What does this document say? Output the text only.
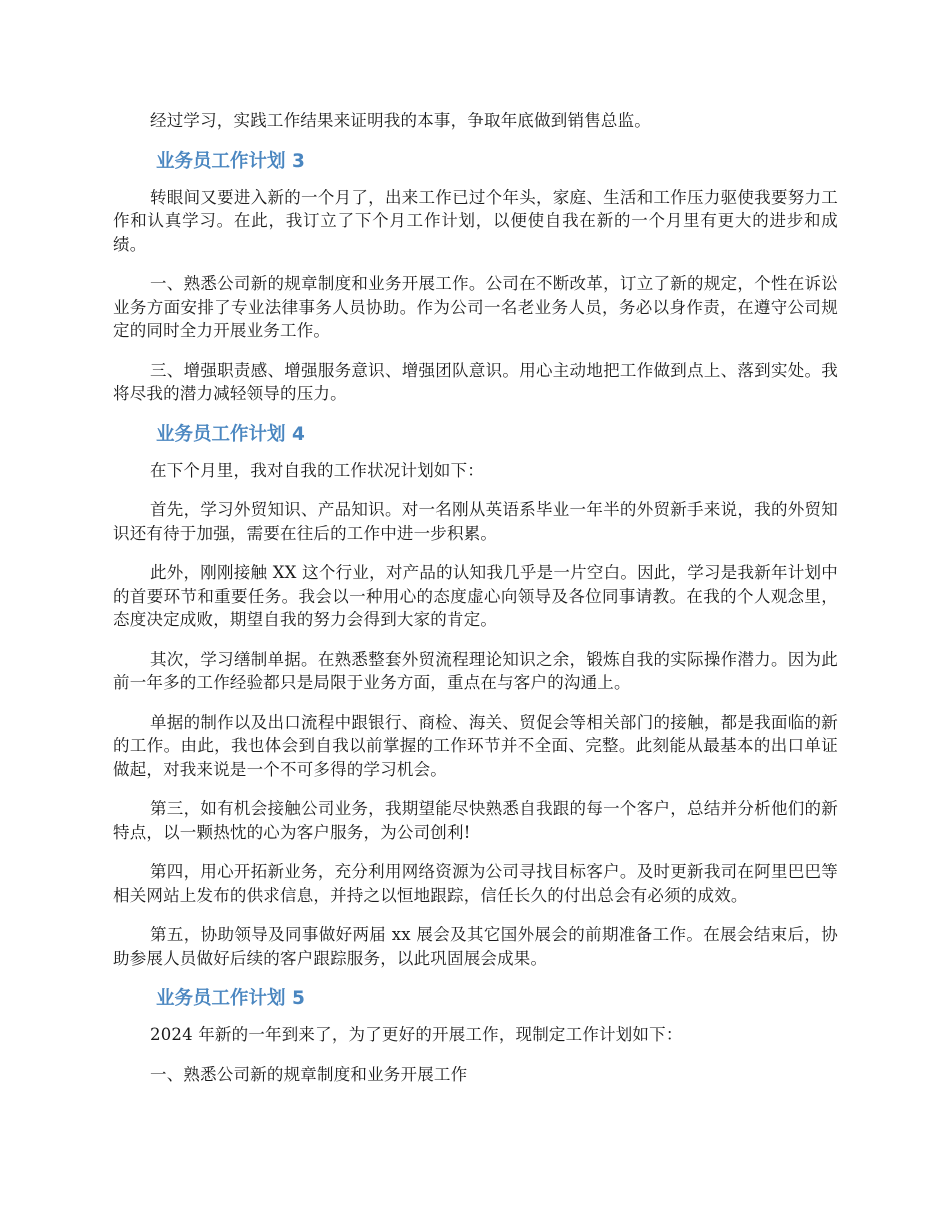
经过学习，实践工作结果来证明我的本事，争取年底做到销售总监。

业务员工作计划 3

转眼间又要进入新的一个月了，出来工作已过个年头，家庭、生活和工作压力驱使我要努力工作和认真学习。在此，我订立了下个月工作计划，以便使自我在新的一个月里有更大的进步和成绩。

一、熟悉公司新的规章制度和业务开展工作。公司在不断改革，订立了新的规定，个性在诉讼业务方面安排了专业法律事务人员协助。作为公司一名老业务人员，务必以身作责，在遵守公司规定的同时全力开展业务工作。

三、增强职责感、增强服务意识、增强团队意识。用心主动地把工作做到点上、落到实处。我将尽我的潜力减轻领导的压力。

业务员工作计划 4

在下个月里，我对自我的工作状况计划如下：

首先，学习外贸知识、产品知识。对一名刚从英语系毕业一年半的外贸新手来说，我的外贸知识还有待于加强，需要在往后的工作中进一步积累。

此外，刚刚接触 XX 这个行业，对产品的认知我几乎是一片空白。因此，学习是我新年计划中的首要环节和重要任务。我会以一种用心的态度虚心向领导及各位同事请教。在我的个人观念里，态度决定成败，期望自我的努力会得到大家的肯定。

其次，学习缮制单据。在熟悉整套外贸流程理论知识之余，锻炼自我的实际操作潜力。因为此前一年多的工作经验都只是局限于业务方面，重点在与客户的沟通上。

单据的制作以及出口流程中跟银行、商检、海关、贸促会等相关部门的接触，都是我面临的新的工作。由此，我也体会到自我以前掌握的工作环节并不全面、完整。此刻能从最基本的出口单证做起，对我来说是一个不可多得的学习机会。

第三，如有机会接触公司业务，我期望能尽快熟悉自我跟的每一个客户，总结并分析他们的新特点，以一颗热忱的心为客户服务，为公司创利!

第四，用心开拓新业务，充分利用网络资源为公司寻找目标客户。及时更新我司在阿里巴巴等相关网站上发布的供求信息，并持之以恒地跟踪，信任长久的付出总会有必须的成效。

第五，协助领导及同事做好两届 xx 展会及其它国外展会的前期准备工作。在展会结束后，协助参展人员做好后续的客户跟踪服务，以此巩固展会成果。

业务员工作计划 5

2024 年新的一年到来了，为了更好的开展工作，现制定工作计划如下：

一、熟悉公司新的规章制度和业务开展工作
